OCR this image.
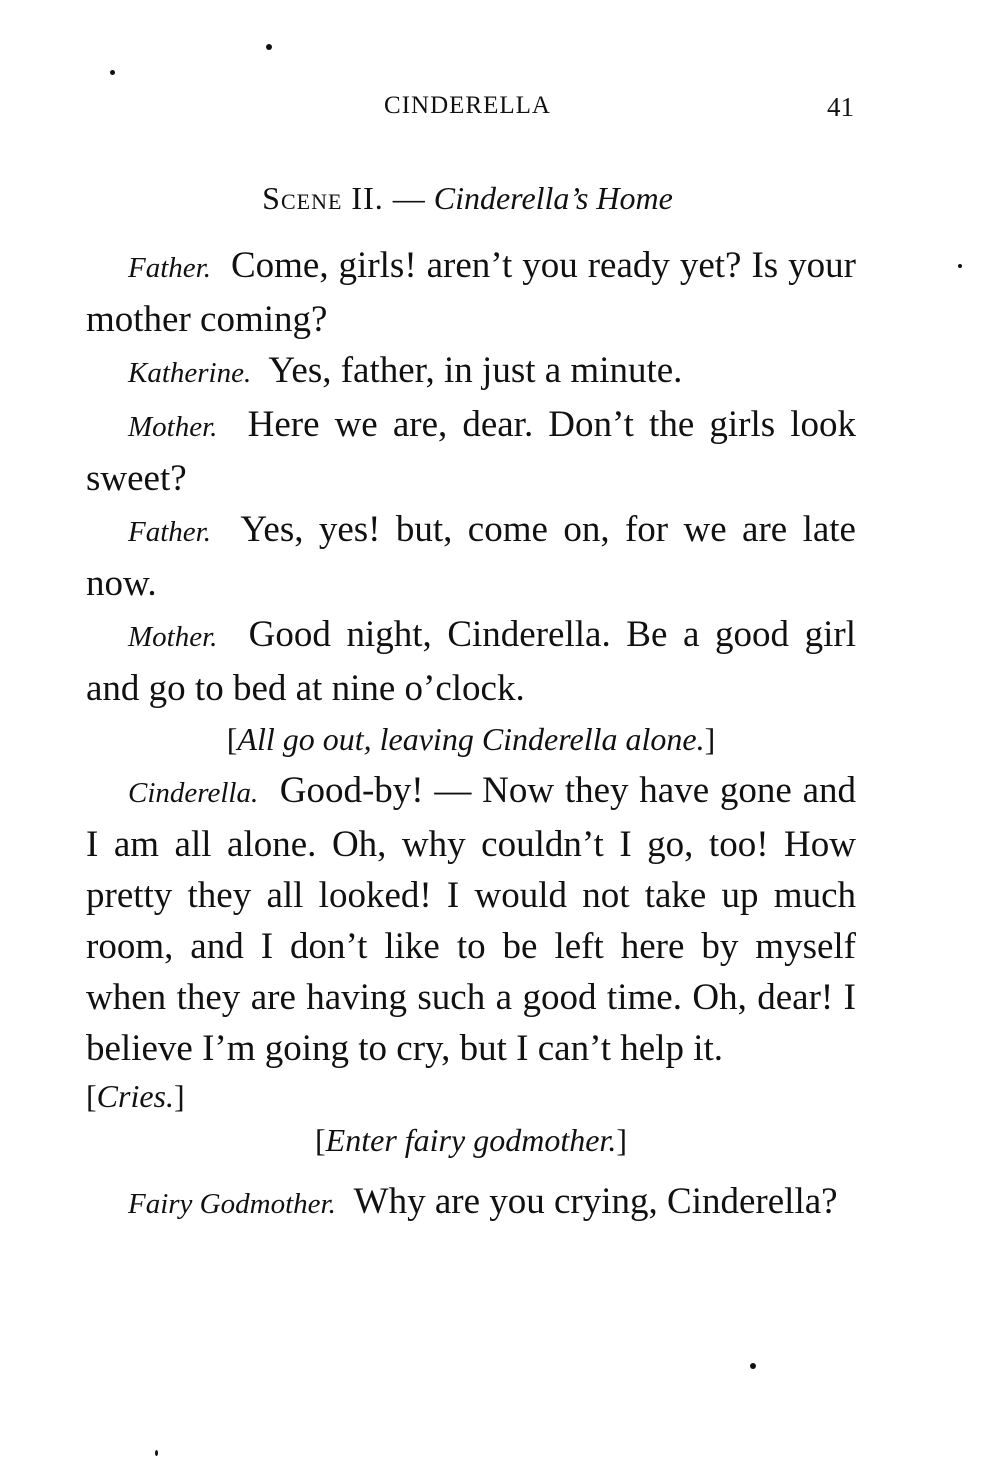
CINDERELLA	41
Scene II. — Cinderella’s Home

Father. Come, girls! aren’t you ready yet? Is your mother coming?

Katherine. Yes, father, in just a minute.

Mother. Here we are, dear. Don’t the girls look sweet?

Father. Yes, yes! but, come on, for we are late now.

Mother. Good night, Cinderella. Be a good girl and go to bed at nine o’clock.

[All go out, leaving Cinderella alone.]

Cinderella. Good-by! — Now they have gone and I am all alone. Oh, why couldn’t I go, too! How pretty they all looked! I would not take up much room, and I don’t like to be left here by myself when they are having such a good time. Oh, dear! I believe I’m going to cry, but I can’t help it.

[Cries.]

[Enter fairy godmother.]

Fairy Godmother. Why are you crying, Cinderella?
